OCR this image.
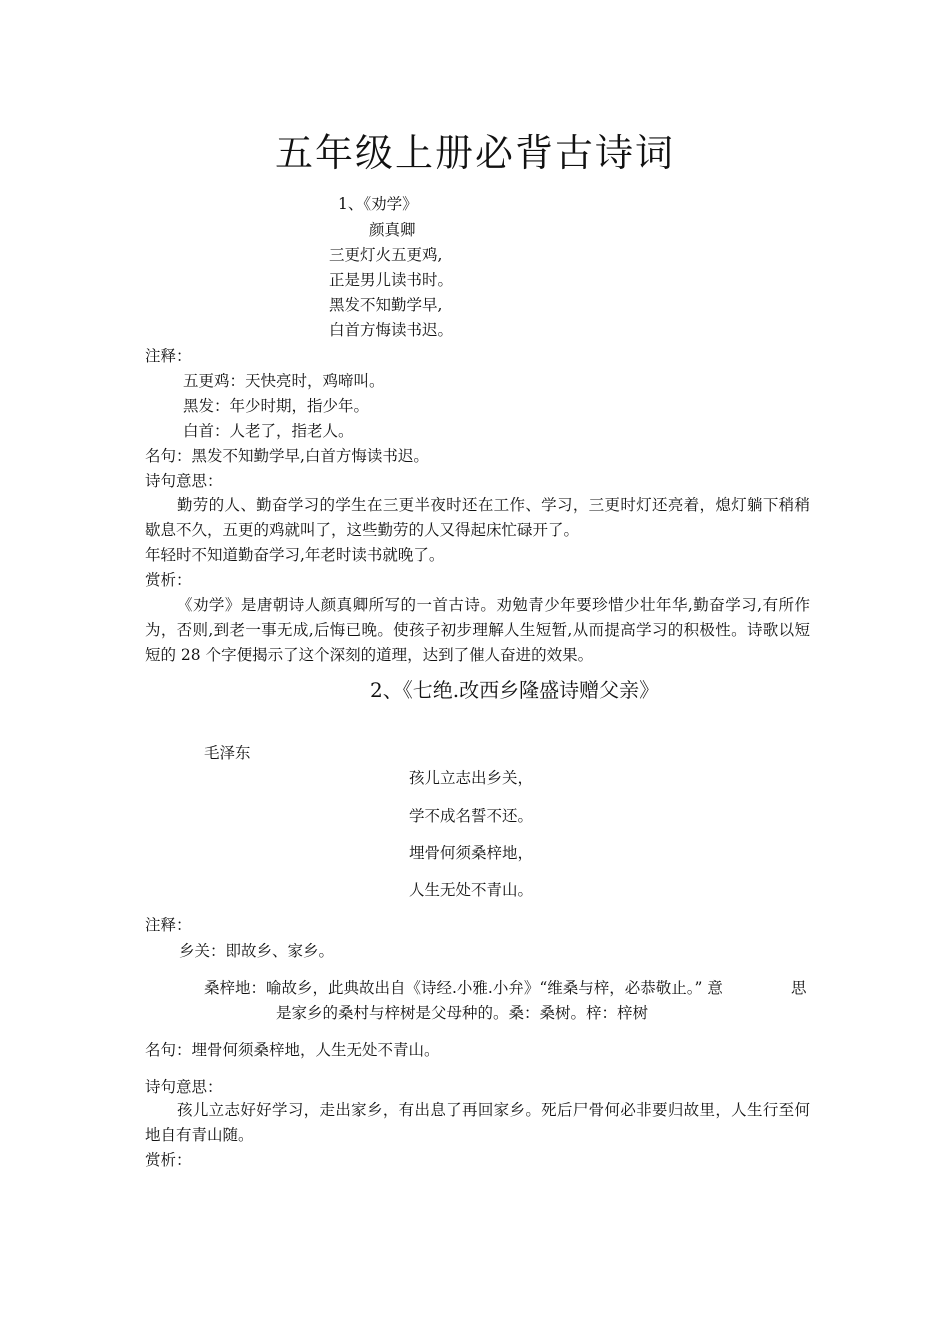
五年级上册必背古诗词
1、《劝学》
颜真卿
三更灯火五更鸡,
正是男儿读书时。
黑发不知勤学早,
白首方悔读书迟。
注释：
五更鸡：天快亮时，鸡啼叫。
黑发：年少时期，指少年。
白首：人老了，指老人。
名句：黑发不知勤学早,白首方悔读书迟。
诗句意思：
勤劳的人、勤奋学习的学生在三更半夜时还在工作、学习，三更时灯还亮着，熄灯躺下稍稍歇息不久，五更的鸡就叫了，这些勤劳的人又得起床忙碌开了。
年轻时不知道勤奋学习,年老时读书就晚了。
赏析：
《劝学》是唐朝诗人颜真卿所写的一首古诗。劝勉青少年要珍惜少壮年华,勤奋学习,有所作为，否则,到老一事无成,后悔已晚。使孩子初步理解人生短暂,从而提高学习的积极性。诗歌以短短的 28 个字便揭示了这个深刻的道理，达到了催人奋进的效果。
2、《七绝.改西乡隆盛诗赠父亲》
毛泽东
孩儿立志出乡关，
学不成名誓不还。
埋骨何须桑梓地，
人生无处不青山。
注释：
乡关：即故乡、家乡。
桑梓地：喻故乡，此典故出自《诗经.小雅.小弁》“维桑与梓，必恭敬止。” 意	思
是家乡的桑村与梓树是父母种的。桑：桑树。梓：梓树
名句：埋骨何须桑梓地，人生无处不青山。
诗句意思：
孩儿立志好好学习，走出家乡，有出息了再回家乡。死后尸骨何必非要归故里，人生行至何地自有青山随。
赏析：
